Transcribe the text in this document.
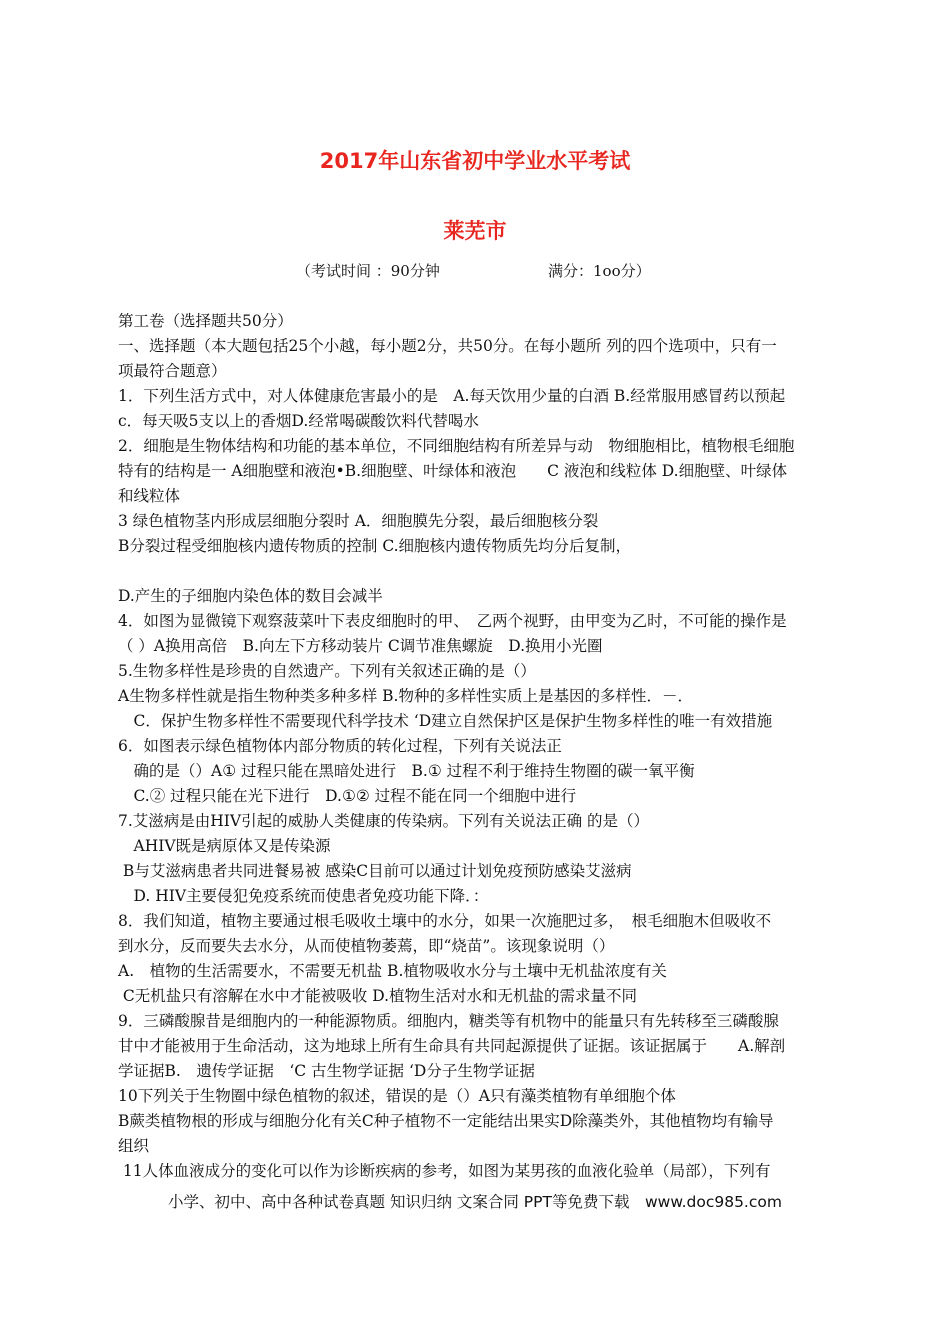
2017年山东省初中学业水平考试
莱芜市
（考试时间 ：90分钟	满分：1oo分）
第工卷（选择题共50分）
一、选择题（本大题包括25个小越，每小题2分，共50分。在每小题所 列的四个选项中，只有一
项最符合题意）
1．下列生活方式中，对人体健康危害最小的是　A.每天饮用少量的白酒 B.经常服用感冒药以预起
c．每天吸5支以上的香烟D.经常喝碳酸饮料代替喝水
2．细胞是生物体结构和功能的基本单位，不同细胞结构有所差异与动　物细胞相比，植物根毛细胞
特有的结构是一 A细胞壁和液泡•B.细胞壁、叶绿体和液泡　　C 液泡和线粒体 D.细胞壁、叶绿体
和线粒体
3 绿色植物茎内形成层细胞分裂时 A．细胞膜先分裂，最后细胞核分裂
B分裂过程受细胞核内遗传物质的控制 C.细胞核内遗传物质先均分后复制，
D.产生的子细胞内染色体的数目会减半
4．如图为显微镜下观察菠菜叶下表皮细胞时的甲、　乙两个视野，由甲变为乙时，不可能的操作是
（ ）A换用高倍　B.向左下方移动装片 C调节准焦螺旋　D.换用小光圈
5.生物多样性是珍贵的自然遗产。下列有关叙述正确的是（）
A生物多样性就是指生物种类多种多样 B.物种的多样性实质上是基因的多样性．－．
　C．保护生物多样性不需要现代科学技术 ‘D建立自然保护区是保护生物多样性的唯一有效措施
6．如图表示绿色植物体内部分物质的转化过程，下列有关说法正
　确的是（）A① 过程只能在黑暗处进行　B.① 过程不利于维持生物圈的碳一氧平衡
　C.② 过程只能在光下进行　D.①② 过程不能在同一个细胞中进行
7.艾滋病是由HIV引起的威胁人类健康的传染病。下列有关说法正确 的是（）
　AHIV既是病原体又是传染源
B与艾滋病患者共同进餐易被 感染C目前可以通过计划免疫预防感染艾滋病
　D. HIV主要侵犯免疫系统而使患者免疫功能下降．：
8．我们知道，植物主要通过根毛吸收土壤中的水分，如果一次施肥过多，　根毛细胞木但吸收不
到水分，反而要失去水分，从而使植物萎蔫，即“烧苗”。该现象说明（）
A.　植物的生活需要水，不需要无机盐 B.植物吸收水分与土壤中无机盐浓度有关
C无机盐只有溶解在水中才能被吸收 D.植物生活对水和无机盐的需求量不同
9．三磷酸腺昔是细胞内的一种能源物质。细胞内，糖类等有机物中的能量只有先转移至三磷酸腺
甘中才能被用于生命活动，这为地球上所有生命具有共同起源提供了证据。该证据属于　　A.解剖
学证据B.　遗传学证据　‘C 古生物学证据 ‘D分子生物学证据
10下列关于生物圈中绿色植物的叙述，错误的是（）A只有藻类植物有单细胞个体
B蕨类植物根的形成与细胞分化有关C种子植物不一定能结出果实D除藻类外，其他植物均有输导
组织
11人体血液成分的变化可以作为诊断疾病的参考，如图为某男孩的血液化验单（局部），下列有
小学、初中、高中各种试卷真题 知识归纳 文案合同 PPT等免费下载　www.doc985.com
